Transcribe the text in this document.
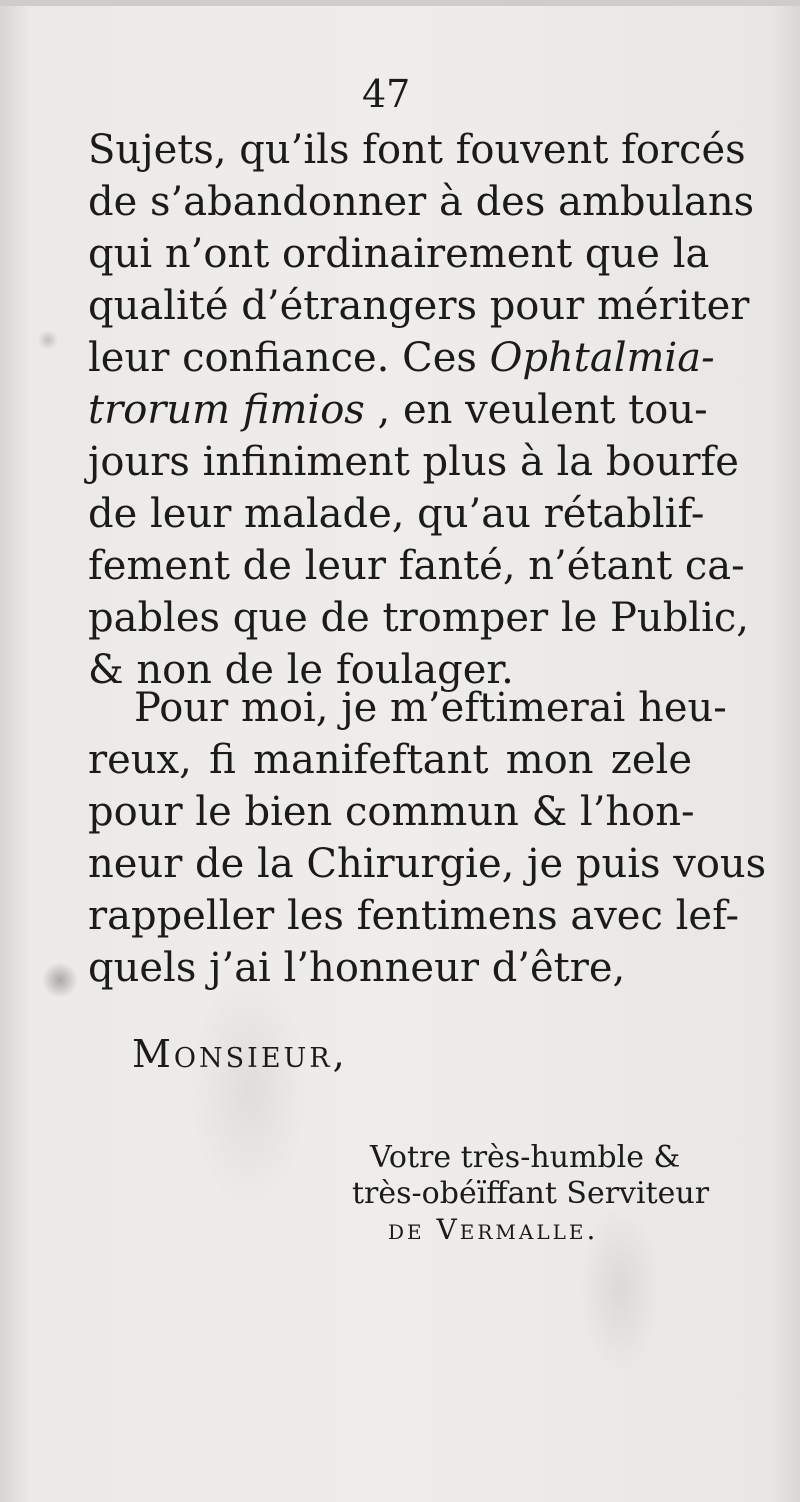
47
Sujets, qu’ils font fouvent forcés
de s’abandonner à des ambulans
qui n’ont ordinairement que la
qualité d’étrangers pour mériter
leur confiance. Ces Ophtalmia-
trorum fimios , en veulent tou-
jours infiniment plus à la bourfe
de leur malade, qu’au rétablif-
fement de leur fanté, n’étant ca-
pables que de tromper le Public,
& non de le foulager.
Pour moi, je m’eftimerai heu-
reux, fi manifeftant mon zele
pour le bien commun & l’hon-
neur de la Chirurgie, je puis vous
rappeller les fentimens avec lef-
quels j’ai l’honneur d’être,
Monsieur,
Votre très-humble &
très-obéïffant Serviteur
de Vermalle.
